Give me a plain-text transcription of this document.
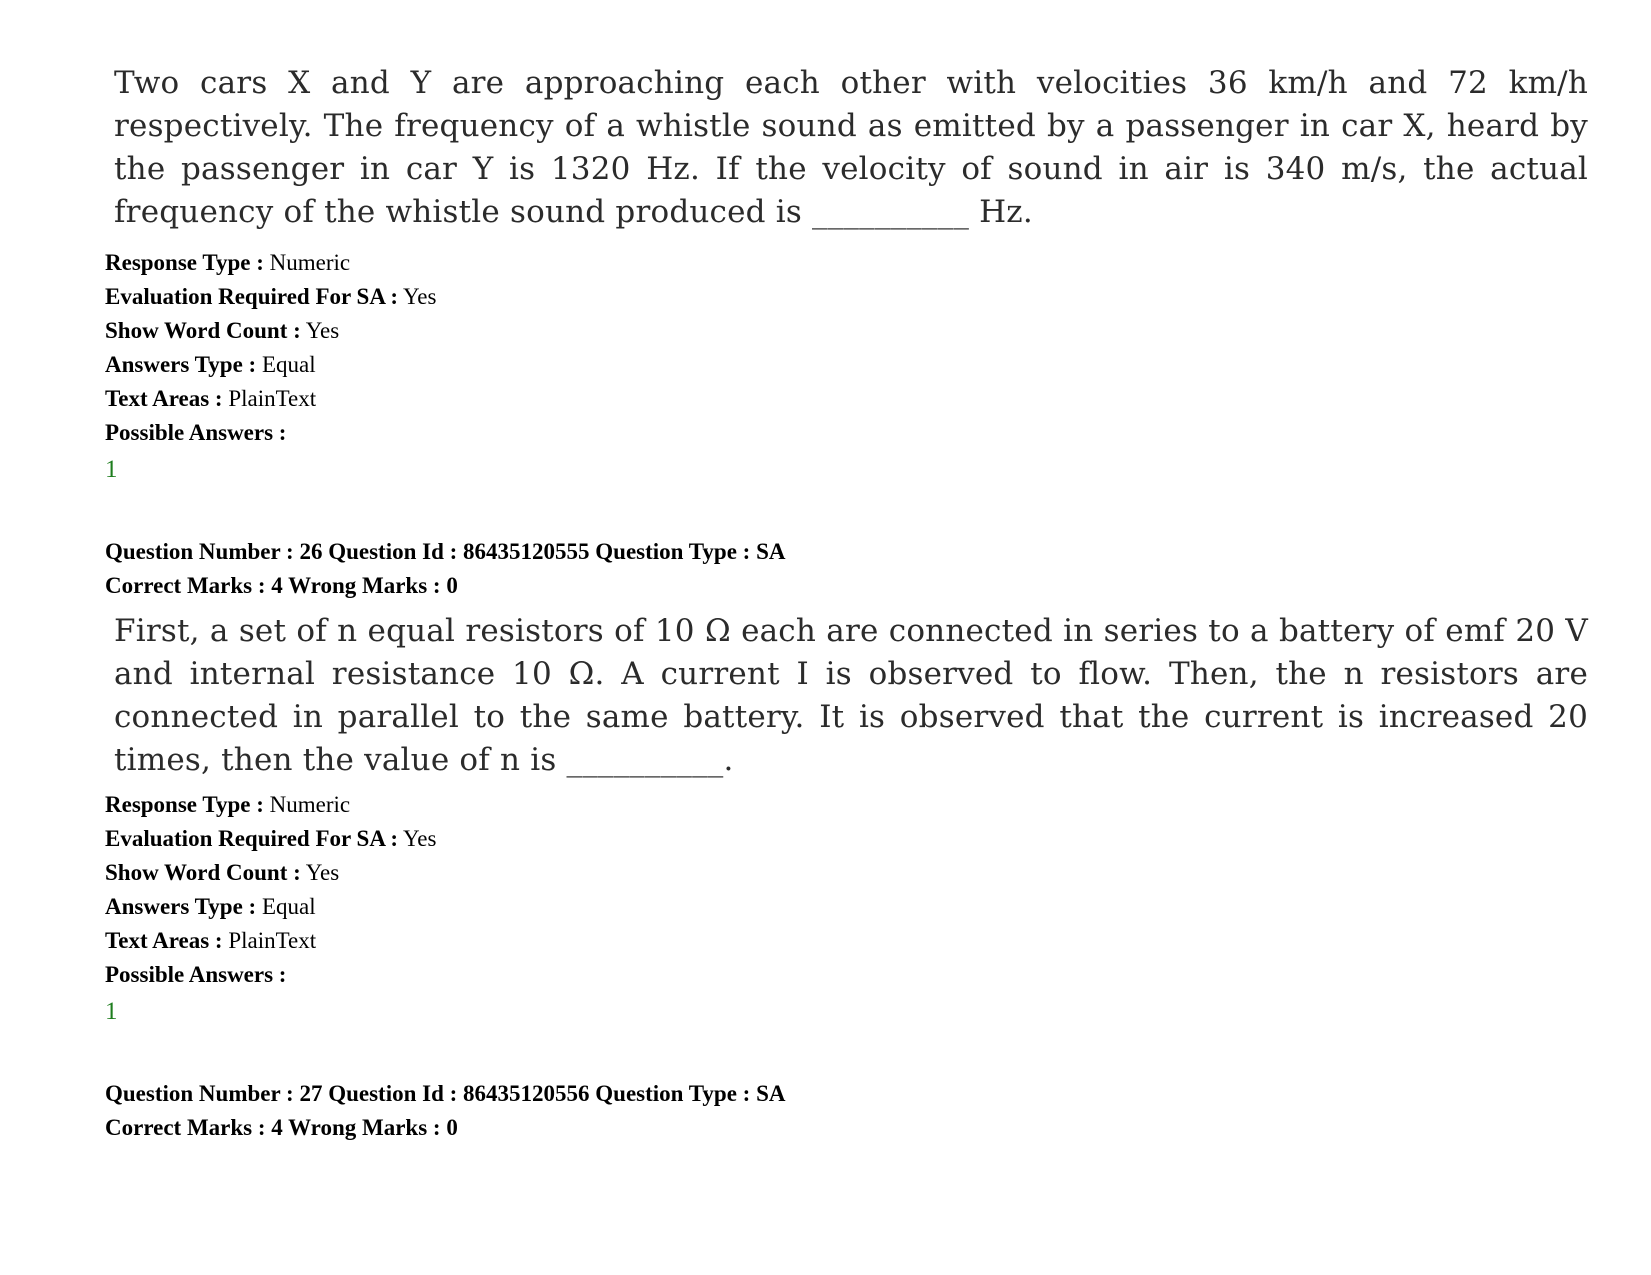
Two cars X and Y are approaching each other with velocities 36 km/h and 72 km/h respectively. The frequency of a whistle sound as emitted by a passenger in car X, heard by the passenger in car Y is 1320 Hz. If the velocity of sound in air is 340 m/s, the actual frequency of the whistle sound produced is __________ Hz.

Response Type : Numeric
Evaluation Required For SA : Yes
Show Word Count : Yes
Answers Type : Equal
Text Areas : PlainText
Possible Answers :
1
Question Number : 26 Question Id : 86435120555 Question Type : SA
Correct Marks : 4 Wrong Marks : 0

First, a set of n equal resistors of 10 Ω each are connected in series to a battery of emf 20 V and internal resistance 10 Ω. A current I is observed to flow. Then, the n resistors are connected in parallel to the same battery. It is observed that the current is increased 20 times, then the value of n is __________.

Response Type : Numeric
Evaluation Required For SA : Yes
Show Word Count : Yes
Answers Type : Equal
Text Areas : PlainText
Possible Answers :
1
Question Number : 27 Question Id : 86435120556 Question Type : SA
Correct Marks : 4 Wrong Marks : 0
